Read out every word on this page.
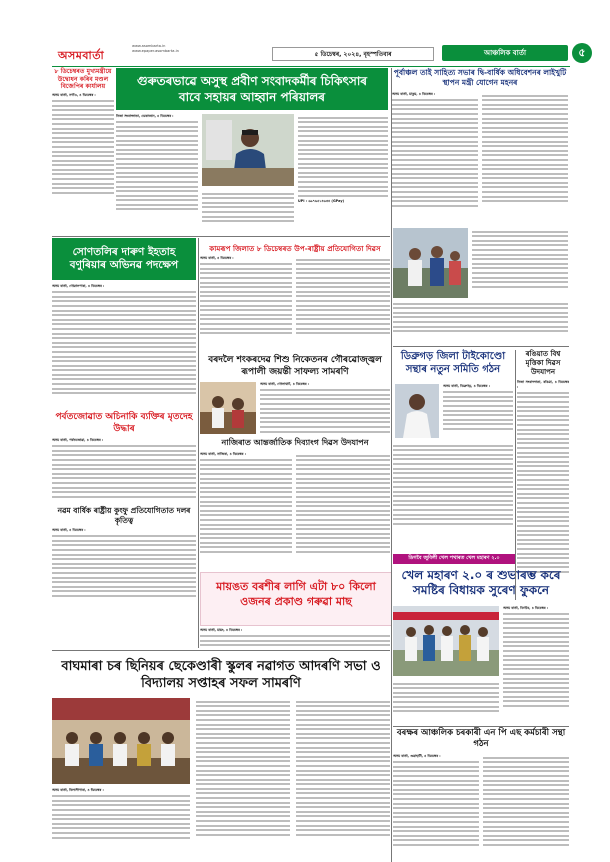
অসমবাৰ্তা
www.asombarta.in
www.epaper.asombarta.in	৫ ডিচেম্বৰ, ২০২৪, বৃহস্পতিবাৰ	আঞ্চলিক বাৰ্তা	৫
৮ ডিচেম্বৰত মুখ্যমন্ত্ৰীয়ে উদ্বোধন কৰিব মণ্ডল বিজেপিৰ কাৰ্যালয়
অসম বাৰ্তা, নগাঁও, ৪ ডিচেম্বৰ :
গুৰুতৰভাৱে অসুস্থ প্ৰবীণ সংবাদকৰ্মীৰ চিকিৎসাৰ বাবে সহায়ৰ আহ্বান পৰিয়ালৰ
নিজা সংবাদদাতা, ডেকাজান, ৪ ডিচেম্বৰ :
UPI : ৬৯৭৬৫১৪৬৩৪ (GPay)
পূৰ্বাঞ্চল তাই সাহিত্য সভাৰ দ্বি-বাৰ্ষিক অধিবেশনৰ লাইখুটি স্থাপন মন্ত্ৰী যোগেন মহনৰ
অসম বাৰ্তা, মাকুম, ৪ ডিচেম্বৰ :
সোণতলিৰ দাৰুণ ইহতাহ বণুৰিয়াৰ অভিনৱ পদক্ষেপ
অসম বাৰ্তা, গোৱালপাৰা, ৪ ডিচেম্বৰ :
পৰ্বতজোৱাত অচিনাকি ব্যক্তিৰ মৃতদেহ উদ্ধাৰ
অসম বাৰ্তা, পৰ্বতজোৱা, ৪ ডিচেম্বৰ :
নৱম বাৰ্ষিক ৰাষ্ট্ৰীয় কুংফু প্ৰতিযোগিতাত দলৰ কৃতিত্ব
অসম বাৰ্তা, ৪ ডিচেম্বৰ :
কামৰূপ জিলাত ৮ ডিচেম্বৰত উপ-ৰাষ্ট্ৰীয় প্ৰতিযোগিতা দিৱস
অসম বাৰ্তা, ৪ ডিচেম্বৰ :
বৰদলৈ শংকৰদেৱ শিশু নিকেতনৰ গৌৰৱোজ্জ্বল ৰূপালী জয়ন্তী সাফল্য সামৰণি
অসম বাৰ্তা, গোলাঘাট, ৪ ডিচেম্বৰ :
নাজিৰাত আন্তৰ্জাতিক দিব্যাংগ দিৱস উদযাপন
অসম বাৰ্তা, নাজিৰা, ৪ ডিচেম্বৰ :
মায়ঙত বৰশীৰ লাগি এটা ৮০ কিলো ওজনৰ প্ৰকাণ্ড গৰুৱা মাছ
অসম বাৰ্তা, মায়ং, ৪ ডিচেম্বৰ :
ডিব্ৰুগড় জিলা টাইকোণ্ডো সন্থাৰ নতুন সমিতি গঠন
অসম বাৰ্তা, ডিব্ৰুগড়, ৪ ডিচেম্বৰ :
ৰঙিয়াত বিশ্ব মৃত্তিকা দিৱস উদযাপন
নিজা সংবাদদাতা, ৰঙিয়া, ৪ ডিচেম্বৰ :
ডিগবৈ জুবিলী খেল পথাৰত খেল মহাৰণ ২.০
খেল মহাৰণ ২.০ ৰ শুভাৰম্ভ কৰে সমষ্টিৰ বিধায়ক সুৰেণ ফুকনে
অসম বাৰ্তা, ডিগবৈ, ৪ ডিচেম্বৰ :
বাঘমাৰা চৰ ছিনিয়ৰ ছেকেণ্ডাৰী স্কুলৰ নৱাগত আদৰণি সভা ও বিদ্যালয় সপ্তাহৰ সফল সামৰণি
অসম বাৰ্তা, বিলাসীপাৰা, ৪ ডিচেম্বৰ :
বৰক্ষৰ আঞ্চলিক চৰকাৰী এন পি এছ কৰ্মচাৰী সন্থা গঠন
অসম বাৰ্তা, গুৱাহাটী, ৪ ডিচেম্বৰ :
